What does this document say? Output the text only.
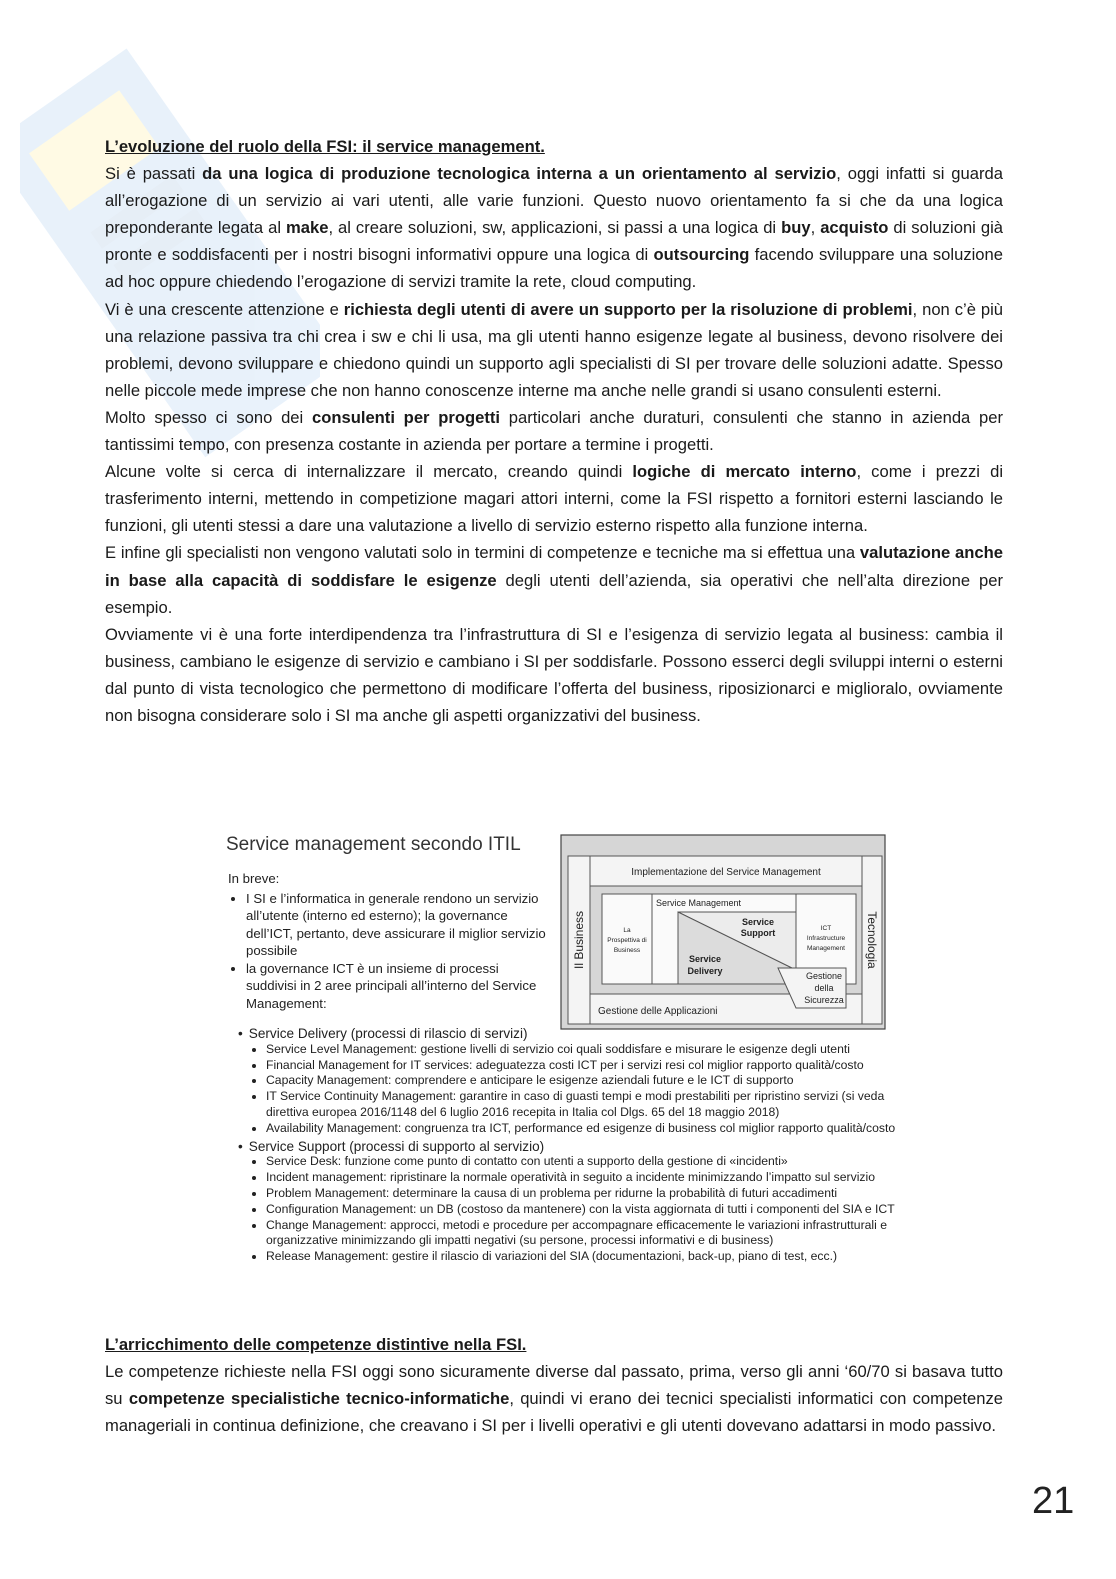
L’evoluzione del ruolo della FSI: il service management.

Si è passati da una logica di produzione tecnologica interna a un orientamento al servizio, oggi infatti si guarda all’erogazione di un servizio ai vari utenti, alle varie funzioni. Questo nuovo orientamento fa si che da una logica preponderante legata al make, al creare soluzioni, sw, applicazioni, si passi a una logica di buy, acquisto di soluzioni già pronte e soddisfacenti per i nostri bisogni informativi oppure una logica di outsourcing facendo sviluppare una soluzione ad hoc oppure chiedendo l’erogazione di servizi tramite la rete, cloud computing.

Vi è una crescente attenzione e richiesta degli utenti di avere un supporto per la risoluzione di problemi, non c’è più una relazione passiva tra chi crea i sw e chi li usa, ma gli utenti hanno esigenze legate al business, devono risolvere dei problemi, devono sviluppare e chiedono quindi un supporto agli specialisti di SI per trovare delle soluzioni adatte. Spesso nelle piccole mede imprese che non hanno conoscenze interne ma anche nelle grandi si usano consulenti esterni.

Molto spesso ci sono dei consulenti per progetti particolari anche duraturi, consulenti che stanno in azienda per tantissimi tempo, con presenza costante in azienda per portare a termine i progetti.

Alcune volte si cerca di internalizzare il mercato, creando quindi logiche di mercato interno, come i prezzi di trasferimento interni, mettendo in competizione magari attori interni, come la FSI rispetto a fornitori esterni lasciando le funzioni, gli utenti stessi a dare una valutazione a livello di servizio esterno rispetto alla funzione interna.

E infine gli specialisti non vengono valutati solo in termini di competenze e tecniche ma si effettua una valutazione anche in base alla capacità di soddisfare le esigenze degli utenti dell’azienda, sia operativi che nell’alta direzione per esempio.

Ovviamente vi è una forte interdipendenza tra l’infrastruttura di SI e l’esigenza di servizio legata al business: cambia il business, cambiano le esigenze di servizio e cambiano i SI per soddisfarle. Possono esserci degli sviluppi interni o esterni dal punto di vista tecnologico che permettono di modificare l’offerta del business, riposizionarci e miglioralo, ovviamente non bisogna considerare solo i SI ma anche gli aspetti organizzativi del business.

Service management secondo ITIL

In breve:

• I SI e l’informatica in generale rendono un servizio all’utente (interno ed esterno); la governance dell’ICT, pertanto, deve assicurare il miglior servizio possibile
• la governance ICT è un insieme di processi suddivisi in 2 aree principali all’interno del Service Management:
Implementazione del Service Management
Gestione delle Applicazioni
Il Business	Tecnologia
La Prospettiva di Business
Service Management
Service Support
Service Delivery
ICT Infrastructure Management
Gestione della Sicurezza

• Service Delivery (processi di rilascio di servizi)

• Service Level Management: gestione livelli di servizio coi quali soddisfare e misurare le esigenze degli utenti
• Financial Management for IT services: adeguatezza costi ICT per i servizi resi col miglior rapporto qualità/costo
• Capacity Management: comprendere e anticipare le esigenze aziendali future e le ICT di supporto
• IT Service Continuity Management: garantire in caso di guasti tempi e modi prestabiliti per ripristino servizi (si veda direttiva europea 2016/1148 del 6 luglio 2016 recepita in Italia col Dlgs. 65 del 18 maggio 2018)
• Availability Management: congruenza tra ICT, performance ed esigenze di business col miglior rapporto qualità/costo

• Service Support (processi di supporto al servizio)

• Service Desk: funzione come punto di contatto con utenti a supporto della gestione di «incidenti»
• Incident management: ripristinare la normale operatività in seguito a incidente minimizzando l’impatto sul servizio
• Problem Management: determinare la causa di un problema per ridurne la probabilità di futuri accadimenti
• Configuration Management: un DB (costoso da mantenere) con la vista aggiornata di tutti i componenti del SIA e ICT
• Change Management: approcci, metodi e procedure per accompagnare efficacemente le variazioni infrastrutturali e organizzative minimizzando gli impatti negativi (su persone, processi informativi e di business)
• Release Management: gestire il rilascio di variazioni del SIA (documentazioni, back-up, piano di test, ecc.)

L’arricchimento delle competenze distintive nella FSI.

Le competenze richieste nella FSI oggi sono sicuramente diverse dal passato, prima, verso gli anni ‘60/70 si basava tutto su competenze specialistiche tecnico-informatiche, quindi vi erano dei tecnici specialisti informatici con competenze manageriali in continua definizione, che creavano i SI per i livelli operativi e gli utenti dovevano adattarsi in modo passivo.

21
